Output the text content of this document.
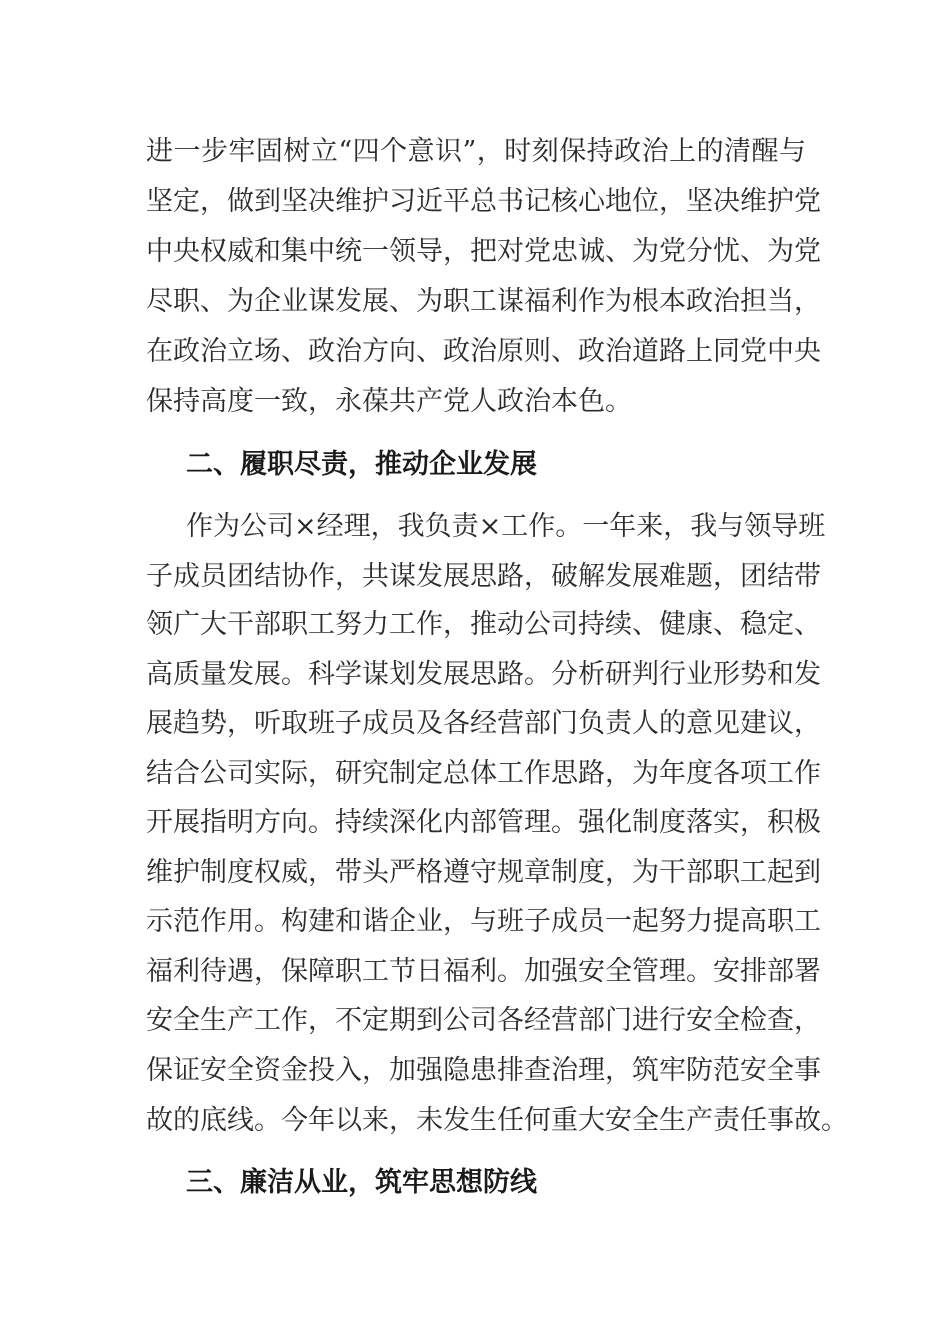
进一步牢固树立“四个意识”，时刻保持政治上的清醒与
坚定，做到坚决维护习近平总书记核心地位，坚决维护党
中央权威和集中统一领导，把对党忠诚、为党分忧、为党
尽职、为企业谋发展、为职工谋福利作为根本政治担当，
在政治立场、政治方向、政治原则、政治道路上同党中央
保持高度一致，永葆共产党人政治本色。
二、履职尽责，推动企业发展
作为公司×经理，我负责×工作。一年来，我与领导班
子成员团结协作，共谋发展思路，破解发展难题，团结带
领广大干部职工努力工作，推动公司持续、健康、稳定、
高质量发展。科学谋划发展思路。分析研判行业形势和发
展趋势，听取班子成员及各经营部门负责人的意见建议，
结合公司实际，研究制定总体工作思路，为年度各项工作
开展指明方向。持续深化内部管理。强化制度落实，积极
维护制度权威，带头严格遵守规章制度，为干部职工起到
示范作用。构建和谐企业，与班子成员一起努力提高职工
福利待遇，保障职工节日福利。加强安全管理。安排部署
安全生产工作，不定期到公司各经营部门进行安全检查，
保证安全资金投入，加强隐患排查治理，筑牢防范安全事
故的底线。今年以来，未发生任何重大安全生产责任事故。
三、廉洁从业，筑牢思想防线
